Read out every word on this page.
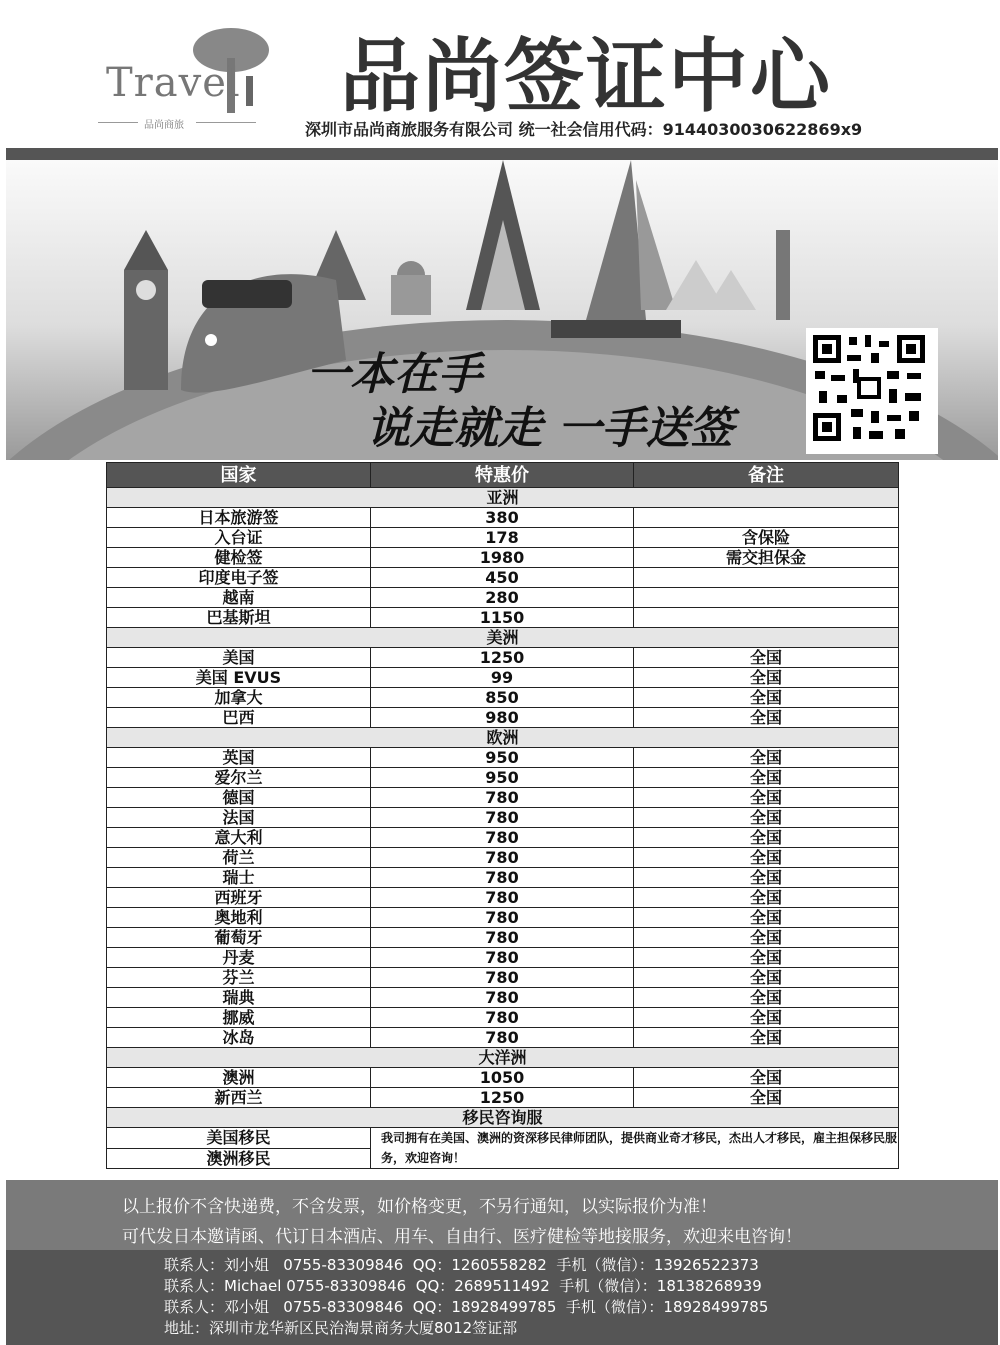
Travel
品尚商旅
品尚签证中心
深圳市品尚商旅服务有限公司 统一社会信用代码：9144030030622869x9
一本在手
说走就走 一手送签
国家	特惠价	备注
亚洲		
日本旅游签	380	
入台证	178	含保险
健检签	1980	需交担保金
印度电子签	450	
越南	280	
巴基斯坦	1150	
美洲		
美国	1250	全国
美国 EVUS	99	全国
加拿大	850	全国
巴西	980	全国
欧洲		
英国	950	全国
爱尔兰	950	全国
德国	780	全国
法国	780	全国
意大利	780	全国
荷兰	780	全国
瑞士	780	全国
西班牙	780	全国
奥地利	780	全国
葡萄牙	780	全国
丹麦	780	全国
芬兰	780	全国
瑞典	780	全国
挪威	780	全国
冰岛	780	全国
大洋洲		
澳洲	1050	全国
新西兰	1250	全国
移民咨询服		
美国移民	我司拥有在美国、澳洲的资深移民律师团队，提供商业奇才移民，杰出人才移民，雇主担保移民服务，欢迎咨询！	
澳洲移民		

以上报价不含快递费，不含发票，如价格变更，不另行通知，以实际报价为准！

可代发日本邀请函、代订日本酒店、用车、自由行、医疗健检等地接服务，欢迎来电咨询！

联系人：刘小姐   0755-83309846  QQ：1260558282  手机（微信）：13926522373
联系人：Michael 0755-83309846  QQ：2689511492  手机（微信）：18138268939
联系人：邓小姐   0755-83309846  QQ：18928499785  手机（微信）：18928499785
地址：深圳市龙华新区民治淘景商务大厦8012签证部
